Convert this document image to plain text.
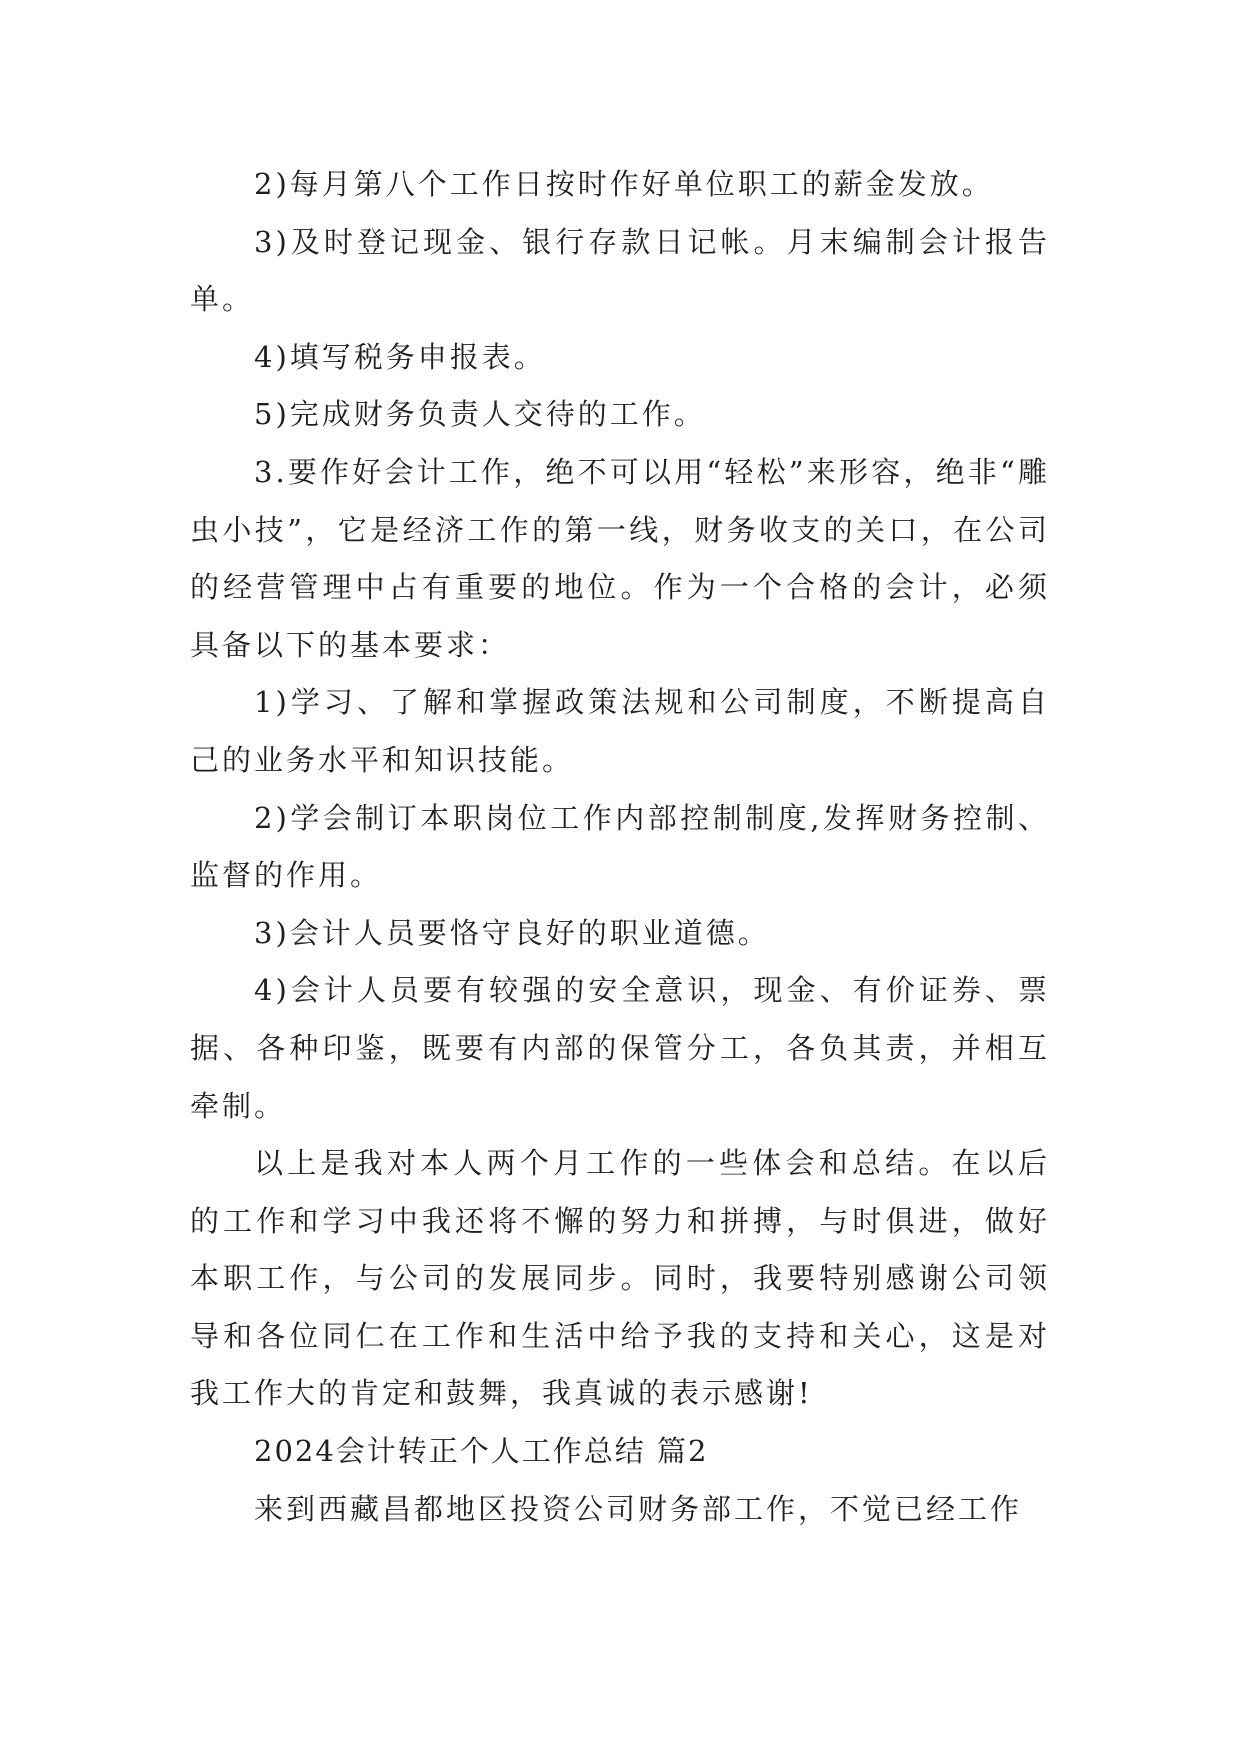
2)每月第八个工作日按时作好单位职工的薪金发放。

3)及时登记现金、银行存款日记帐。月末编制会计报告单。

4)填写税务申报表。

5)完成财务负责人交待的工作。

3.要作好会计工作，绝不可以用“轻松”来形容，绝非“雕虫小技”，它是经济工作的第一线，财务收支的关口，在公司的经营管理中占有重要的地位。作为一个合格的会计，必须具备以下的基本要求：

1)学习、了解和掌握政策法规和公司制度，不断提高自己的业务水平和知识技能。

2)学会制订本职岗位工作内部控制制度,发挥财务控制、监督的作用。

3)会计人员要恪守良好的职业道德。

4)会计人员要有较强的安全意识，现金、有价证券、票据、各种印鉴，既要有内部的保管分工，各负其责，并相互牵制。

以上是我对本人两个月工作的一些体会和总结。在以后的工作和学习中我还将不懈的努力和拼搏，与时俱进，做好本职工作，与公司的发展同步。同时，我要特别感谢公司领导和各位同仁在工作和生活中给予我的支持和关心，这是对我工作大的肯定和鼓舞，我真诚的表示感谢!

2024会计转正个人工作总结 篇2

来到西藏昌都地区投资公司财务部工作，不觉已经工作
